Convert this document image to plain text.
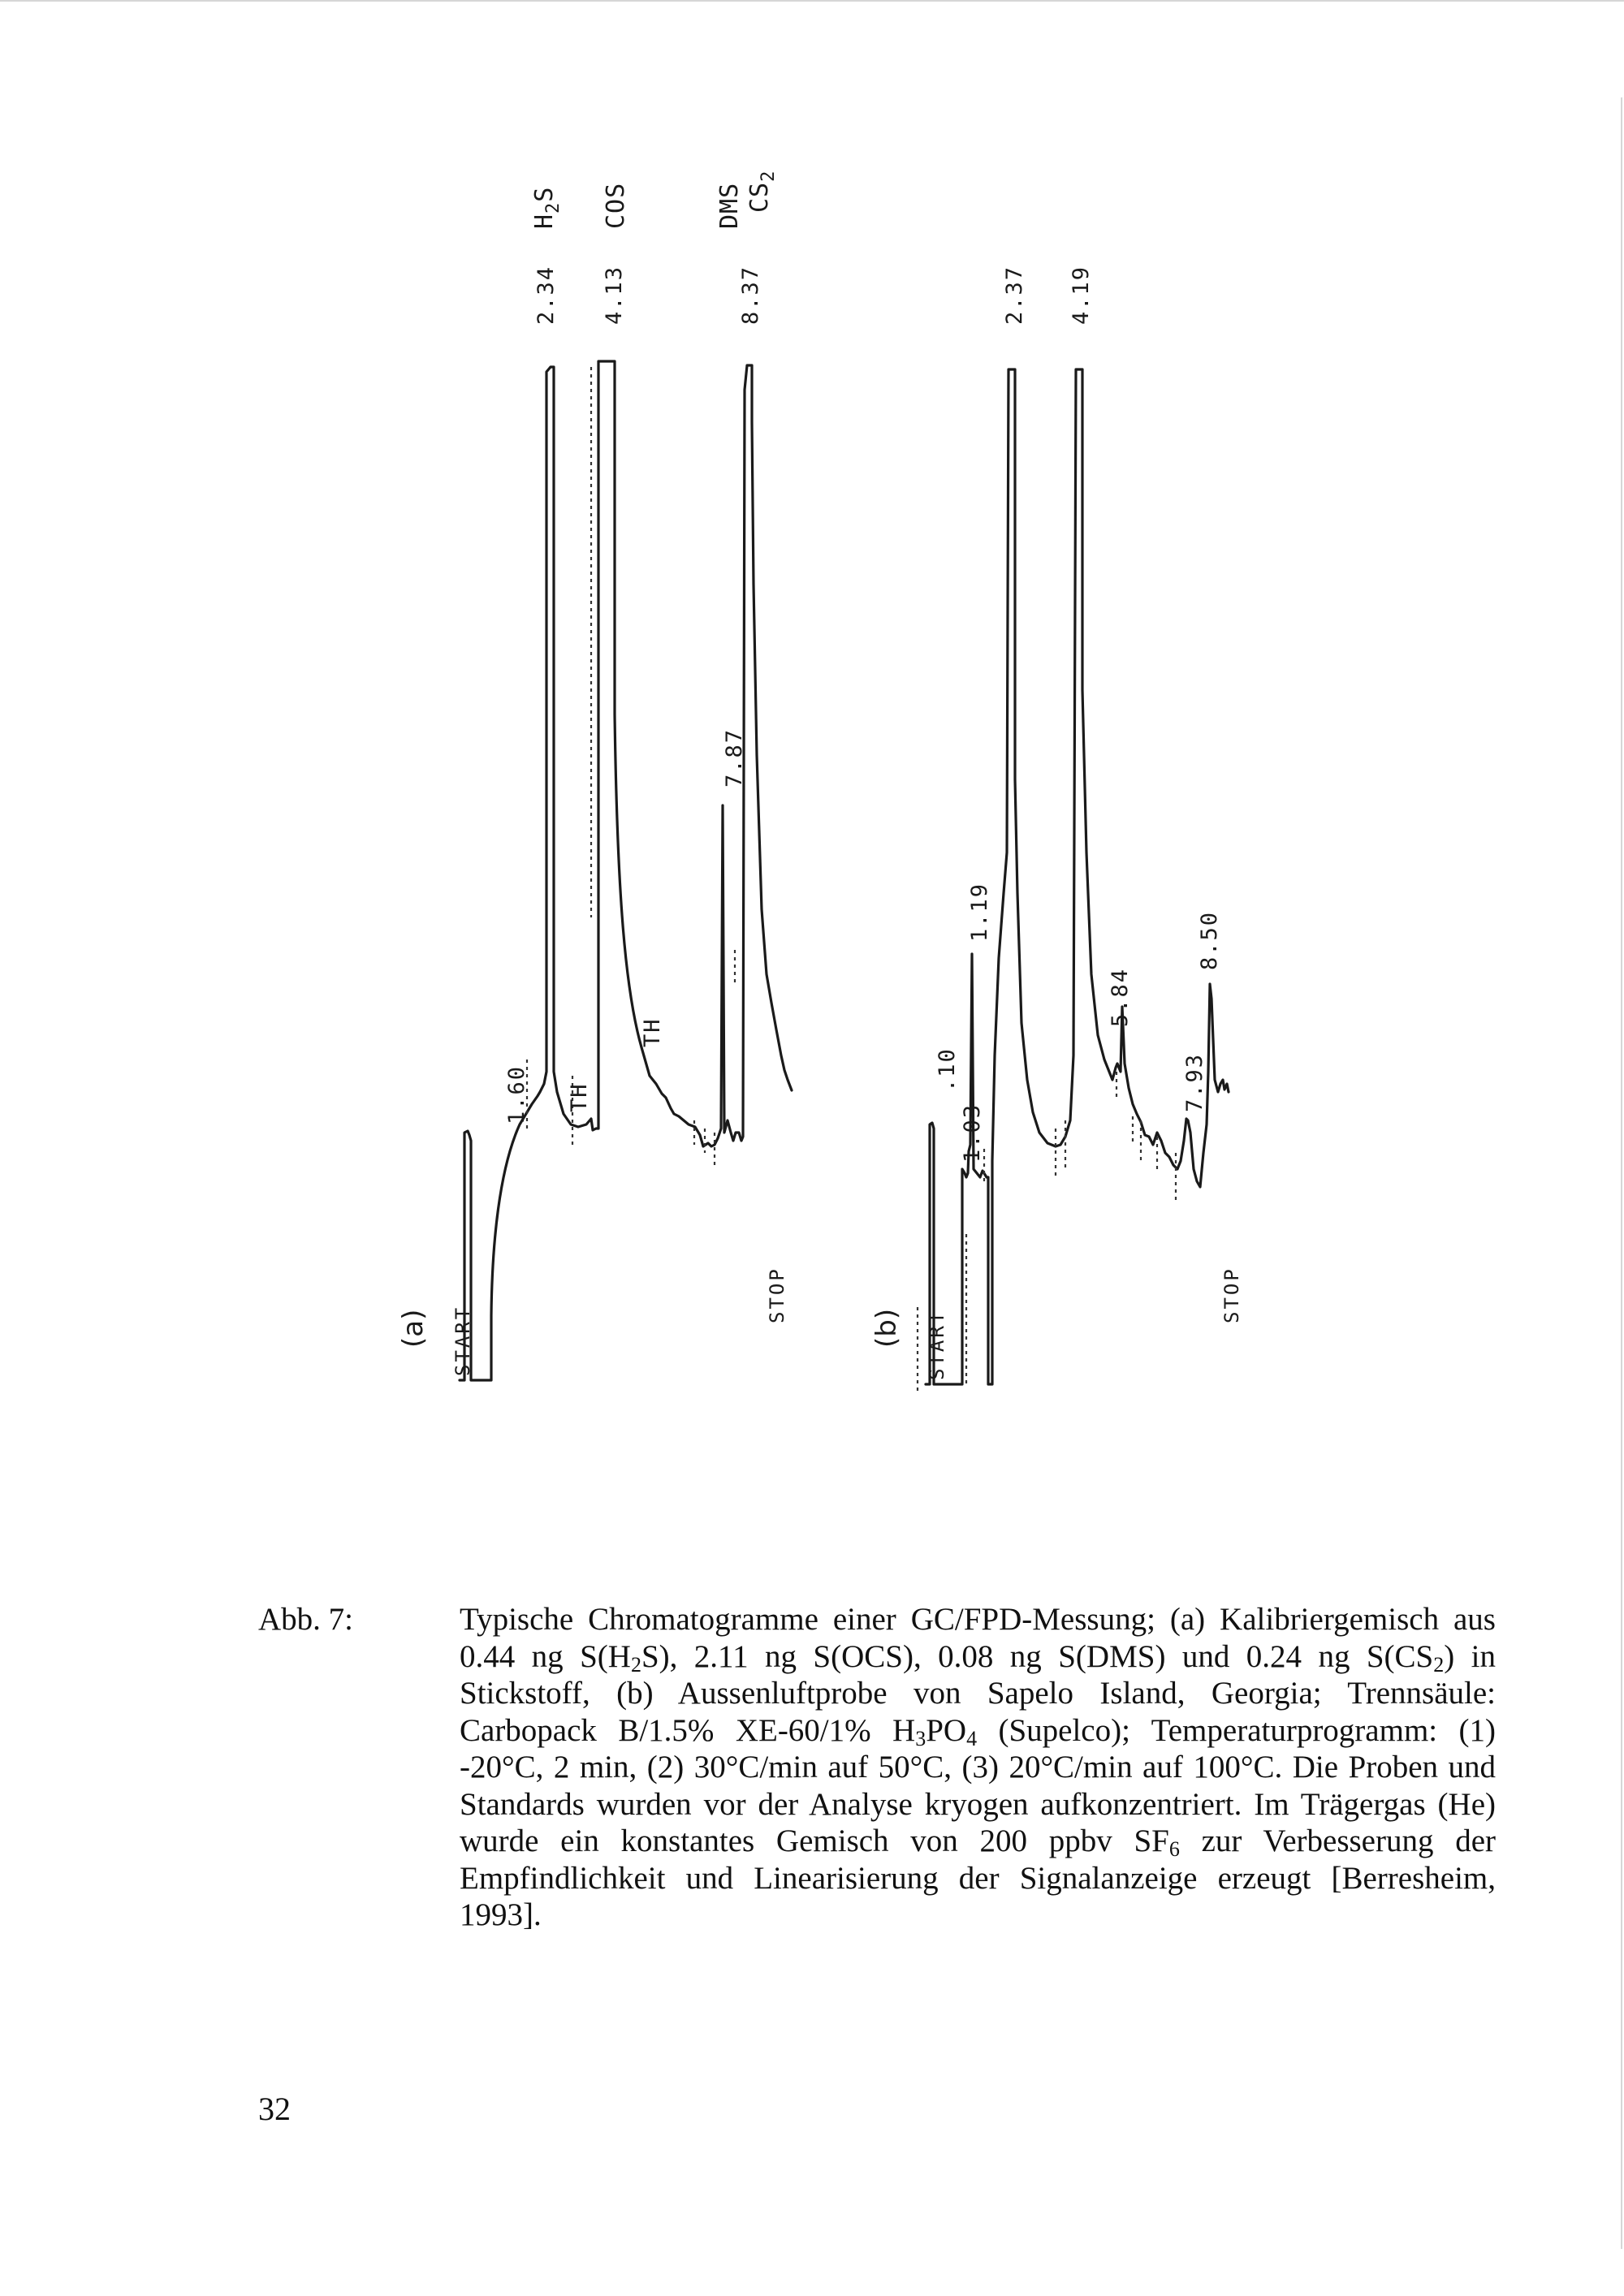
(a) START
1.60
2.34 4.13
7.87
8.37
TH
TH
$H_2S$ COS	DMS $CS_2$
STOP
(b) START
.10
1.03
1.19
2.37 4.19
5.84
7.93
8.50
STOP

Abb. 7:	Typische Chromatogramme einer GC/FPD-Messung; (a) Kalibriergemisch aus 0.44 ng $S(H_2S)$, 2.11 ng S(OCS), 0.08 ng S(DMS) und 0.24 ng $S(CS_2)$ in Stickstoff, (b) Aussenluftprobe von Sapelo Island, Georgia; Trennsäule: Carbopack B/1.5% XE-60/1% $H_3PO_4$ (Supelco); Temperaturprogramm: (1) -20°C, 2 min, (2) 30°C/min auf 50°C, (3) 20°C/min auf 100°C. Die Proben und Standards wurden vor der Analyse kryogen aufkonzentriert. Im Trägergas (He) wurde ein konstantes Gemisch von 200 ppbv $SF_6$ zur Verbesserung der Empfindlichkeit und Linearisierung der Signalanzeige erzeugt [Berresheim, 1993].

32
